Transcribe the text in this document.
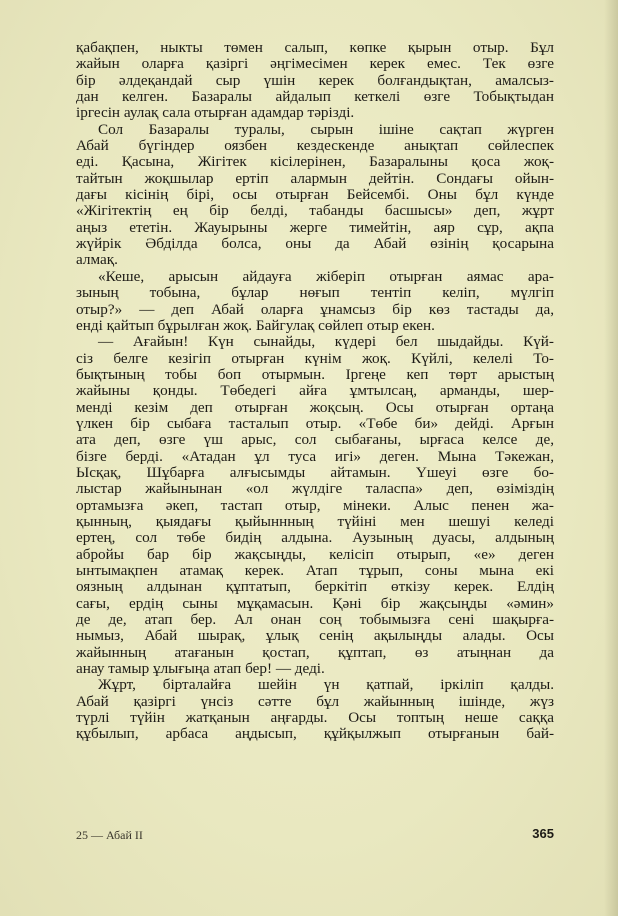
қабақпен, ныкты төмен салып, көпке қырын отыр. Бұл
жайын оларға қазіргі әңгімесімен керек емес. Тек өзге
бір әлдеқандай сыр үшін керек болғандықтан, амалсыз-
дан келген. Базаралы айдалып кеткелі өзге Тобықтыдан
іргесін аулақ сала отырған адамдар тәрізді.
Сол Базаралы туралы, сырын ішіне сақтап жүрген
Абай бүгіндер оязбен кездескенде анықтап сөйлеспек
еді. Қасына, Жігітек кісілерінен, Базаралыны қоса жоқ-
тайтын жоқшылар ертіп алармын дейтін. Сондағы ойын-
дағы кісінің бірі, осы отырған Бейсембі. Оны бұл күнде
«Жігітектің ең бір белді, табанды басшысы» деп, жұрт
аңыз ететін. Жауырыны жерге тимейтін, аяр сұр, ақпа
жүйрік Әбділда болса, оны да Абай өзінің қосарына
алмақ.
«Кеше, арысын айдауға жіберіп отырған аямас ара-
зының тобына, бұлар нөғып тентіп келіп, мүлгіп
отыр?» — деп Абай оларға ұнамсыз бір көз тастады да,
енді қайтып бұрылған жоқ. Байгулақ сөйлеп отыр екен.
— Ағайын! Күн сынайды, күдері бел шыдайды. Күй-
сіз белге кезігіп отырған күнім жоқ. Күйлі, келелі То-
бықтының тобы боп отырмын. Іргеңе кеп төрт арыстың
жайыны қонды. Төбедегі айға ұмтылсаң, арманды, шер-
менді кезім деп отырған жоқсың. Осы отырған ортаңа
үлкен бір сыбаға тасталып отыр. «Төбе би» дейді. Арғын
ата деп, өзге үш арыс, сол сыбағаны, ырғаса келсе де,
бізге берді. «Атадан ұл туса игі» деген. Мына Тәкежан,
Ысқақ, Шұбарға алғысымды айтамын. Үшеуі өзге бо-
лыстар жайынынан «ол жүлдіге таласпа» деп, өзіміздің
ортамызға әкеп, тастап отыр, мінеки. Алыс пенен жа-
қынның, қыядағы қыйыннның түйіні мен шешуі келеді
ертең, сол төбе бидің алдына. Аузының дуасы, алдының
абройы бар бір жақсыңды, келісіп отырып, «е» деген
ынтымақпен атамақ керек. Атап тұрып, соны мына екі
оязның алдынан құптатып, беркітіп өткізу керек. Елдің
сағы, ердің сыны мұқамасын. Қәні бір жақсыңды «әмин»
де де, атап бер. Ал онан соң тобымызға сені шақырға-
нымыз, Абай шырақ, ұлық сенің ақылыңды алады. Осы
жайынның атағанын қостап, құптап, өз атыңнан да
анау тамыр ұлығыңа атап бер! — деді.
Жұрт, бірталайға шейін үн қатпай, іркіліп қалды.
Абай қазіргі үнсіз сәтте бұл жайынның ішінде, жүз
түрлі түйін жатқанын аңғарды. Осы топтың неше саққа
құбылып, арбаса аңдысып, құйқылжып отырғанын бай-
25 — Абай II	365
